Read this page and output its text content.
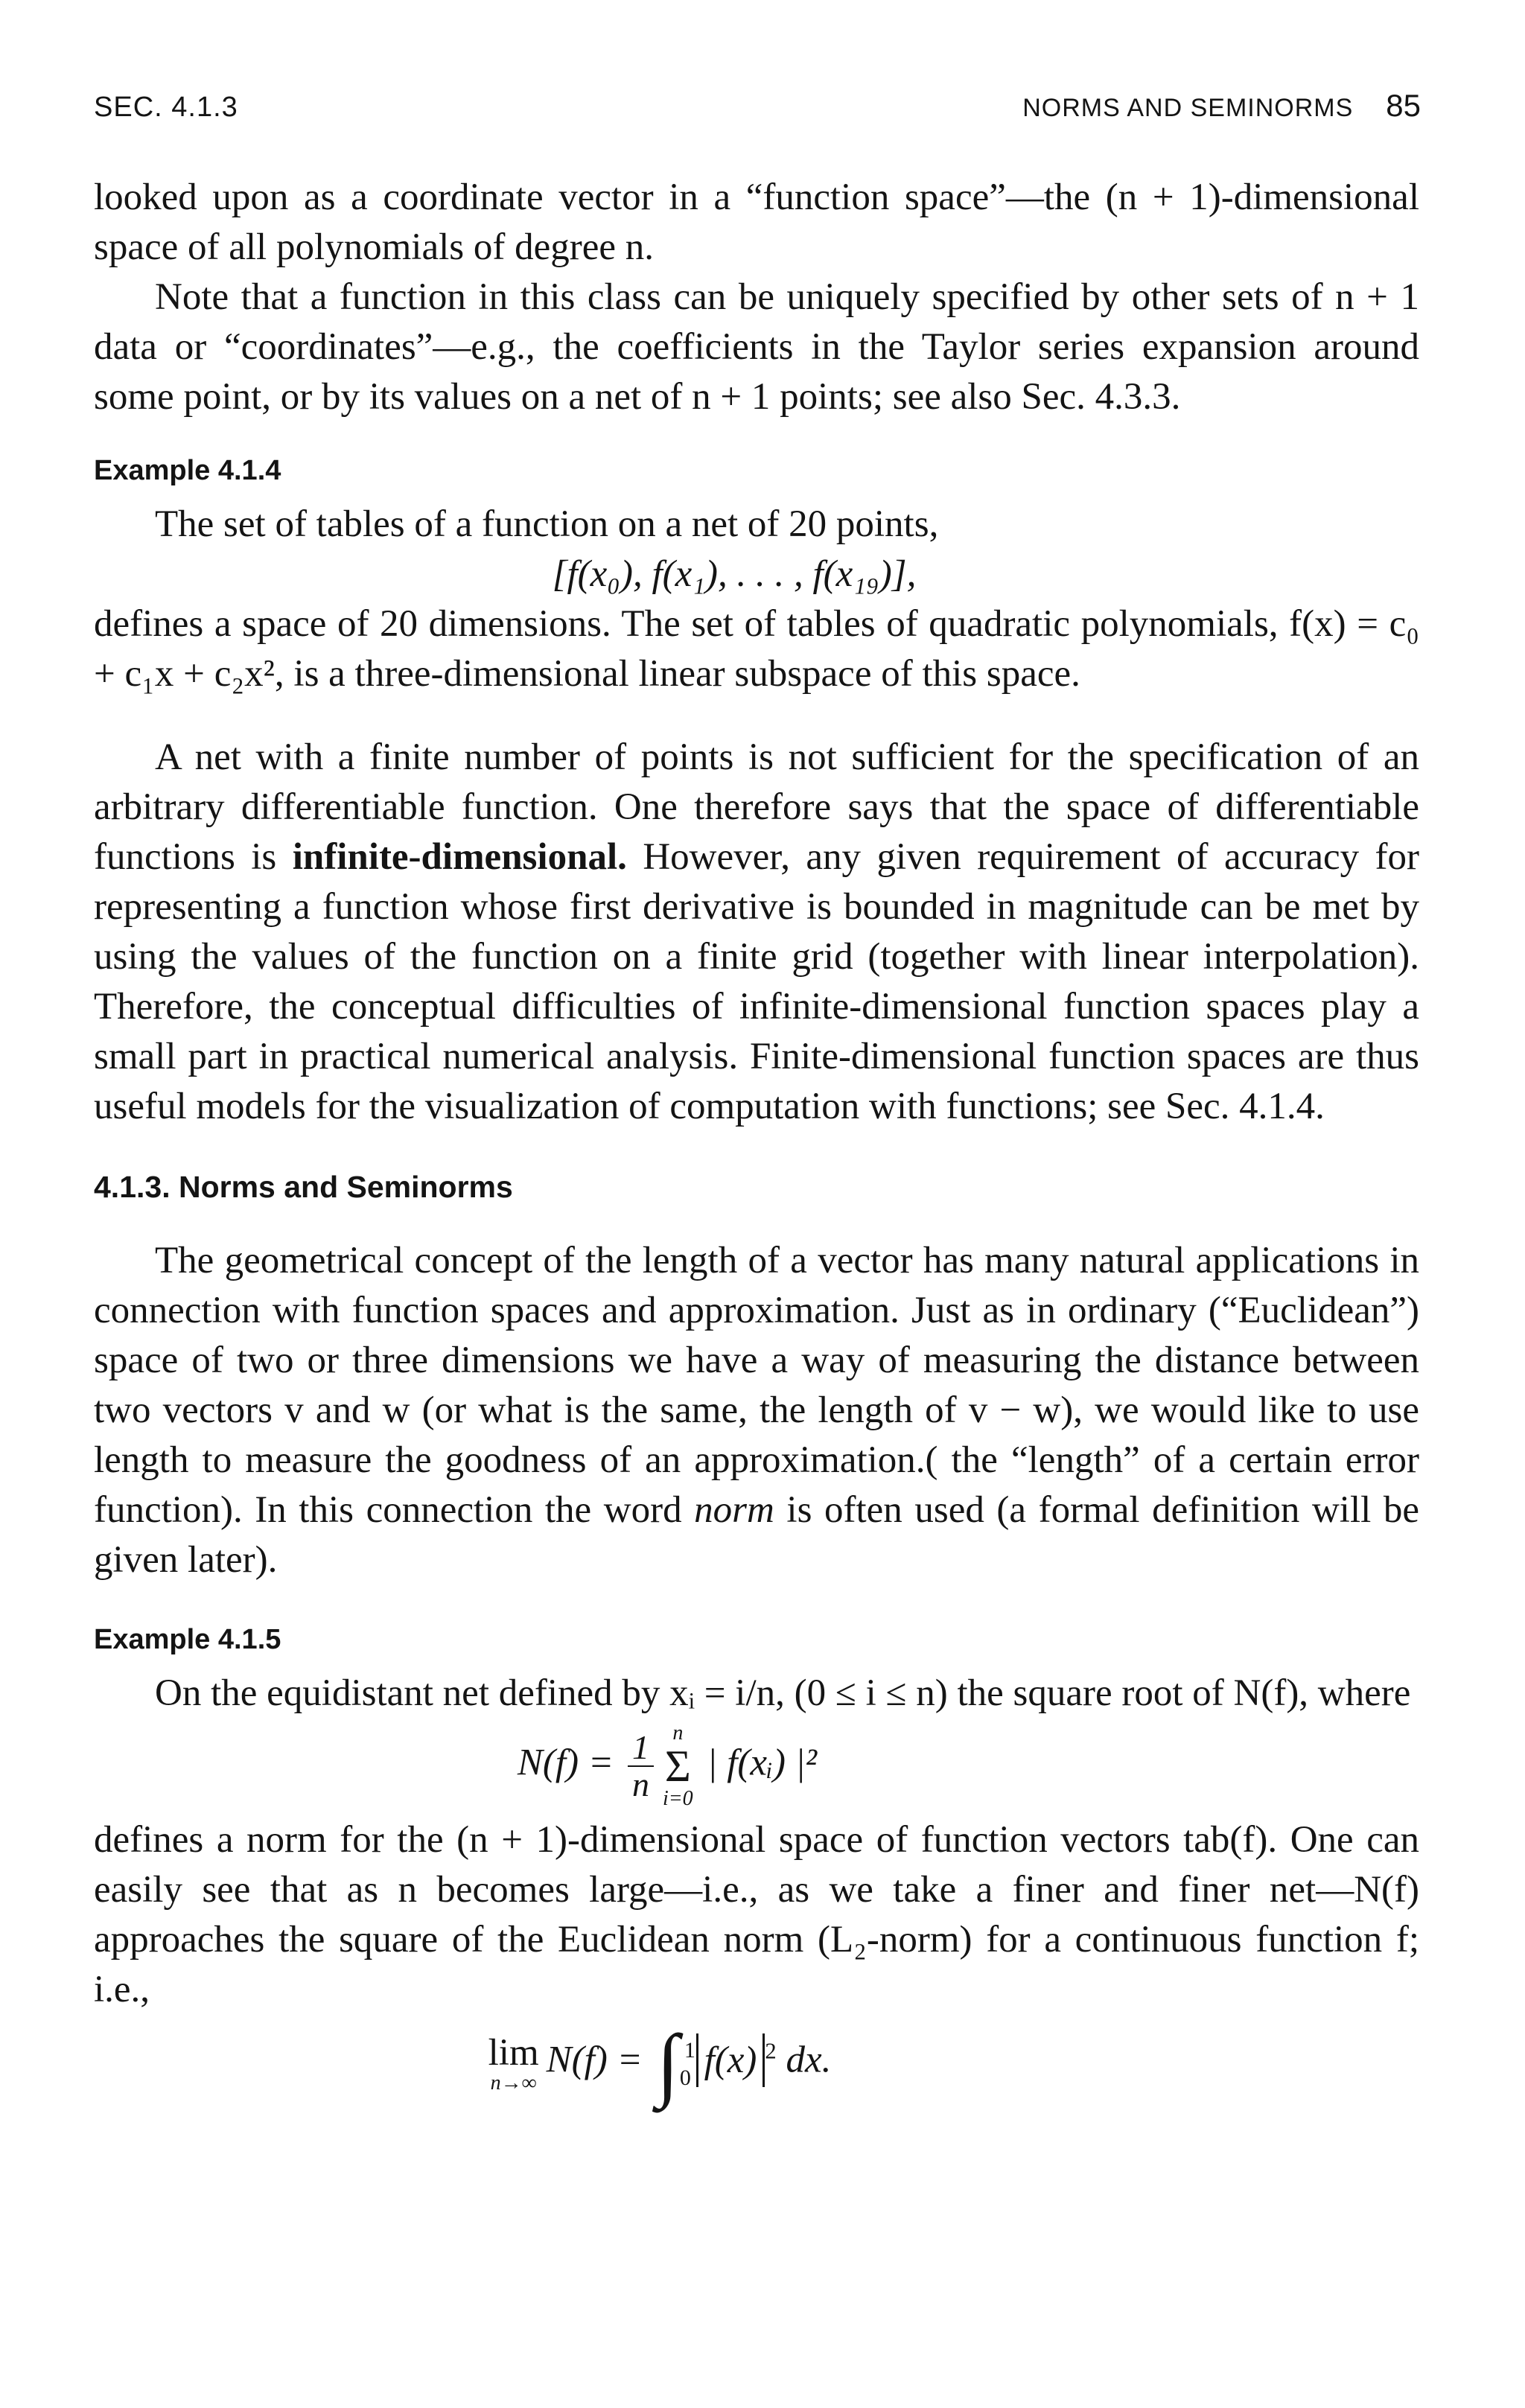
SEC. 4.1.3	NORMS AND SEMINORMS 85

looked upon as a coordinate vector in a “function space”—the (n + 1)-dimensional space of all polynomials of degree n.

Note that a function in this class can be uniquely specified by other sets of n + 1 data or “coordinates”—e.g., the coefficients in the Taylor series expansion around some point, or by its values on a net of n + 1 points; see also Sec. 4.3.3.

Example 4.1.4

The set of tables of a function on a net of 20 points,

[f(x₀), f(x₁), . . . , f(x₁₉)],

defines a space of 20 dimensions. The set of tables of quadratic polynomials, f(x) = c₀ + c₁x + c₂x², is a three-dimensional linear subspace of this space.

A net with a finite number of points is not sufficient for the specification of an arbitrary differentiable function. One therefore says that the space of differentiable functions is infinite-dimensional. However, any given requirement of accuracy for representing a function whose first derivative is bounded in magnitude can be met by using the values of the function on a finite grid (together with linear interpolation). Therefore, the conceptual difficulties of infinite-dimensional function spaces play a small part in practical numerical analysis. Finite-dimensional function spaces are thus useful models for the visualization of computation with functions; see Sec. 4.1.4.

4.1.3. Norms and Seminorms

The geometrical concept of the length of a vector has many natural applications in connection with function spaces and approximation. Just as in ordinary (“Euclidean”) space of two or three dimensions we have a way of measuring the distance between two vectors v and w (or what is the same, the length of v − w), we would like to use length to measure the goodness of an approximation.( the “length” of a certain error function). In this connection the word norm is often used (a formal definition will be given later).

Example 4.1.5

On the equidistant net defined by xᵢ = i/n, (0 ≤ i ≤ n) the square root of N(f), where

$N(f) = \frac{1}{n}$ n
Σ
i=0
| f(xᵢ) |²

defines a norm for the (n + 1)-dimensional space of function vectors tab(f). One can easily see that as n becomes large—i.e., as we take a finer and finer net—N(f) approaches the square of the Euclidean norm (L₂-norm) for a continuous function f; i.e.,

lim
n→∞
N(f) = ∫ 1
0 f(x) $^2$ dx.
